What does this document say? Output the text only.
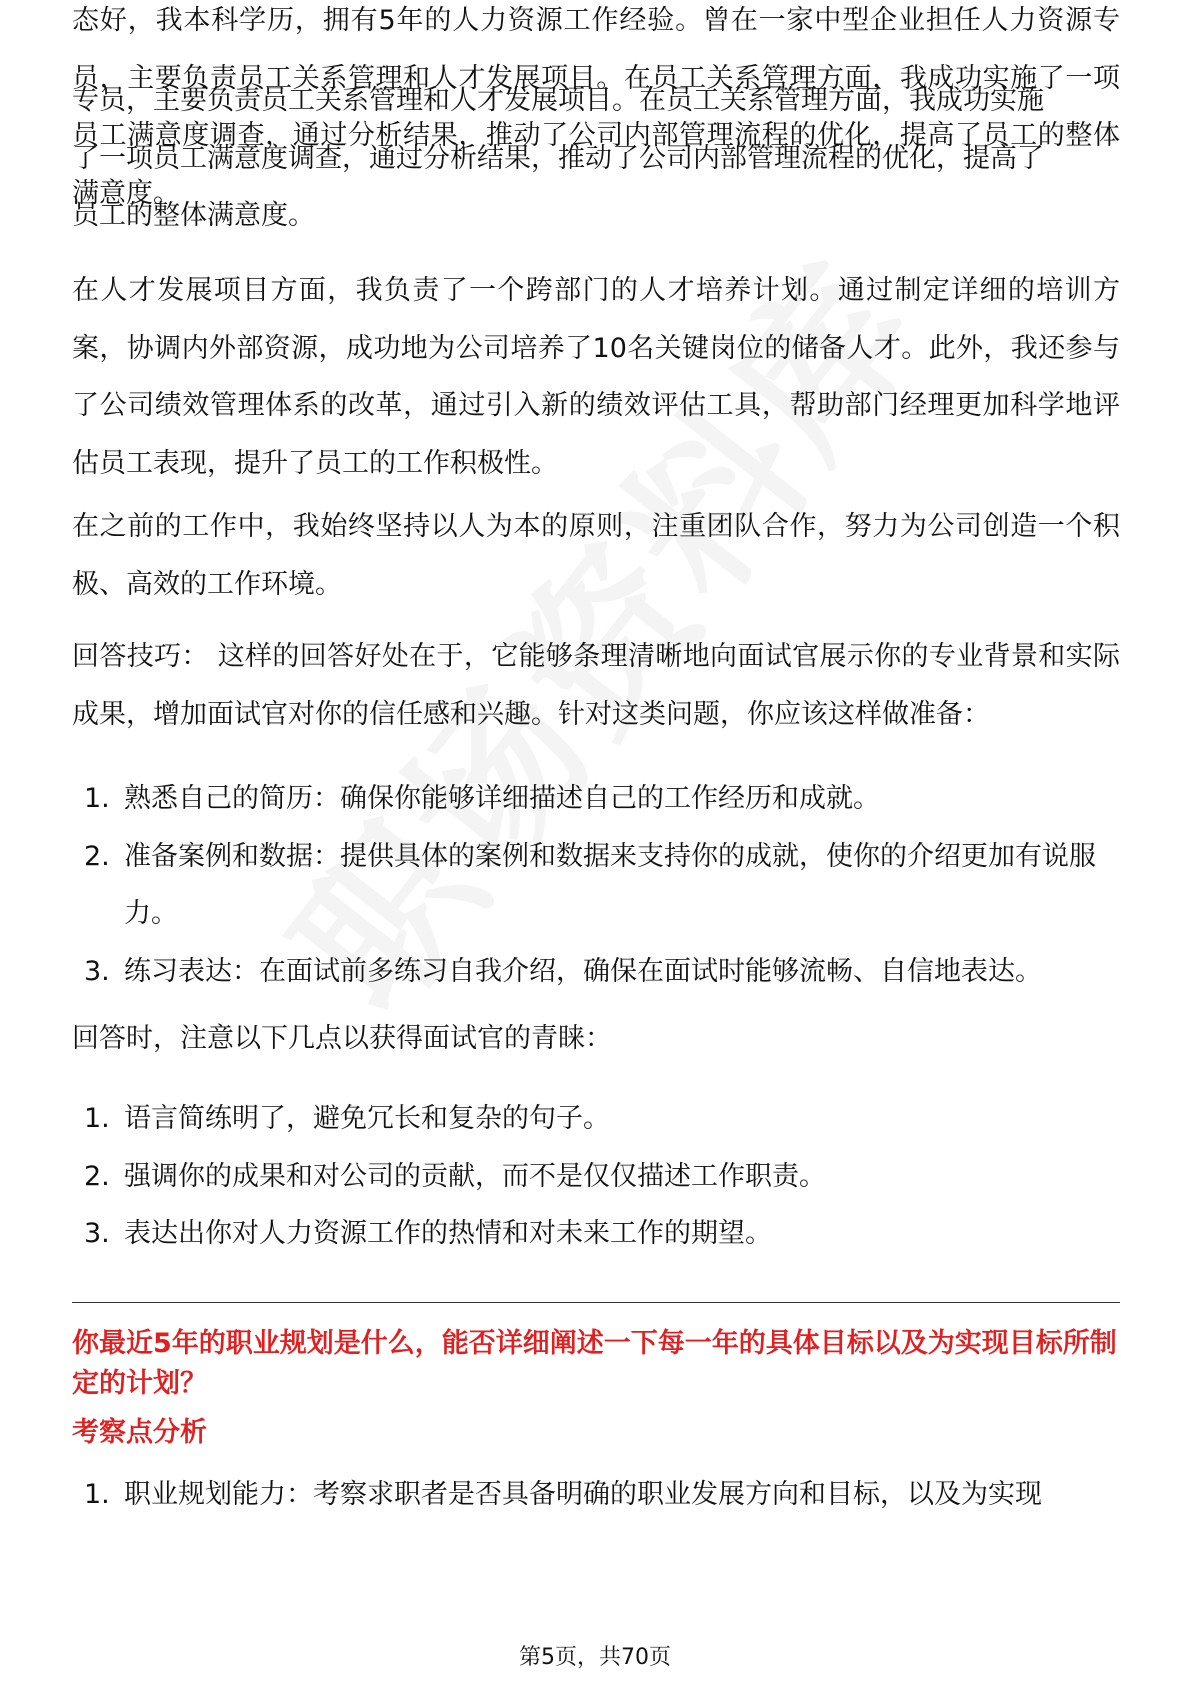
态好，我本科学历，拥有5年的人力资源工作经验。曾在一家中型企业担任人力资源专员，主要负责员工关系管理和人才发展项目。在员工关系管理方面，我成功实施了一项员工满意度调查，通过分析结果，推动了公司内部管理流程的优化，提高了员工的整体满意度。

专员，主要负责员工关系管理和人才发展项目。在员工关系管理方面，我成功实施

了一项员工满意度调查，通过分析结果，推动了公司内部管理流程的优化，提高了

员工的整体满意度。

在人才发展项目方面，我负责了一个跨部门的人才培养计划。通过制定详细的培训方案，协调内外部资源，成功地为公司培养了10名关键岗位的储备人才。此外，我还参与了公司绩效管理体系的改革，通过引入新的绩效评估工具，帮助部门经理更加科学地评估员工表现，提升了员工的工作积极性。

在之前的工作中，我始终坚持以人为本的原则，注重团队合作，努力为公司创造一个积极、高效的工作环境。

回答技巧： 这样的回答好处在于，它能够条理清晰地向面试官展示你的专业背景和实际成果，增加面试官对你的信任感和兴趣。针对这类问题，你应该这样做准备：

1. 熟悉自己的简历：确保你能够详细描述自己的工作经历和成就。
2. 准备案例和数据：提供具体的案例和数据来支持你的成就，使你的介绍更加有说服力。
3. 练习表达：在面试前多练习自我介绍，确保在面试时能够流畅、自信地表达。

回答时，注意以下几点以获得面试官的青睐：

1. 语言简练明了，避免冗长和复杂的句子。
2. 强调你的成果和对公司的贡献，而不是仅仅描述工作职责。
3. 表达出你对人力资源工作的热情和对未来工作的期望。

你最近5年的职业规划是什么，能否详细阐述一下每一年的具体目标以及为实现目标所制定的计划？

考察点分析

1. 职业规划能力：考察求职者是否具备明确的职业发展方向和目标，以及为实现
第5页，共70页
